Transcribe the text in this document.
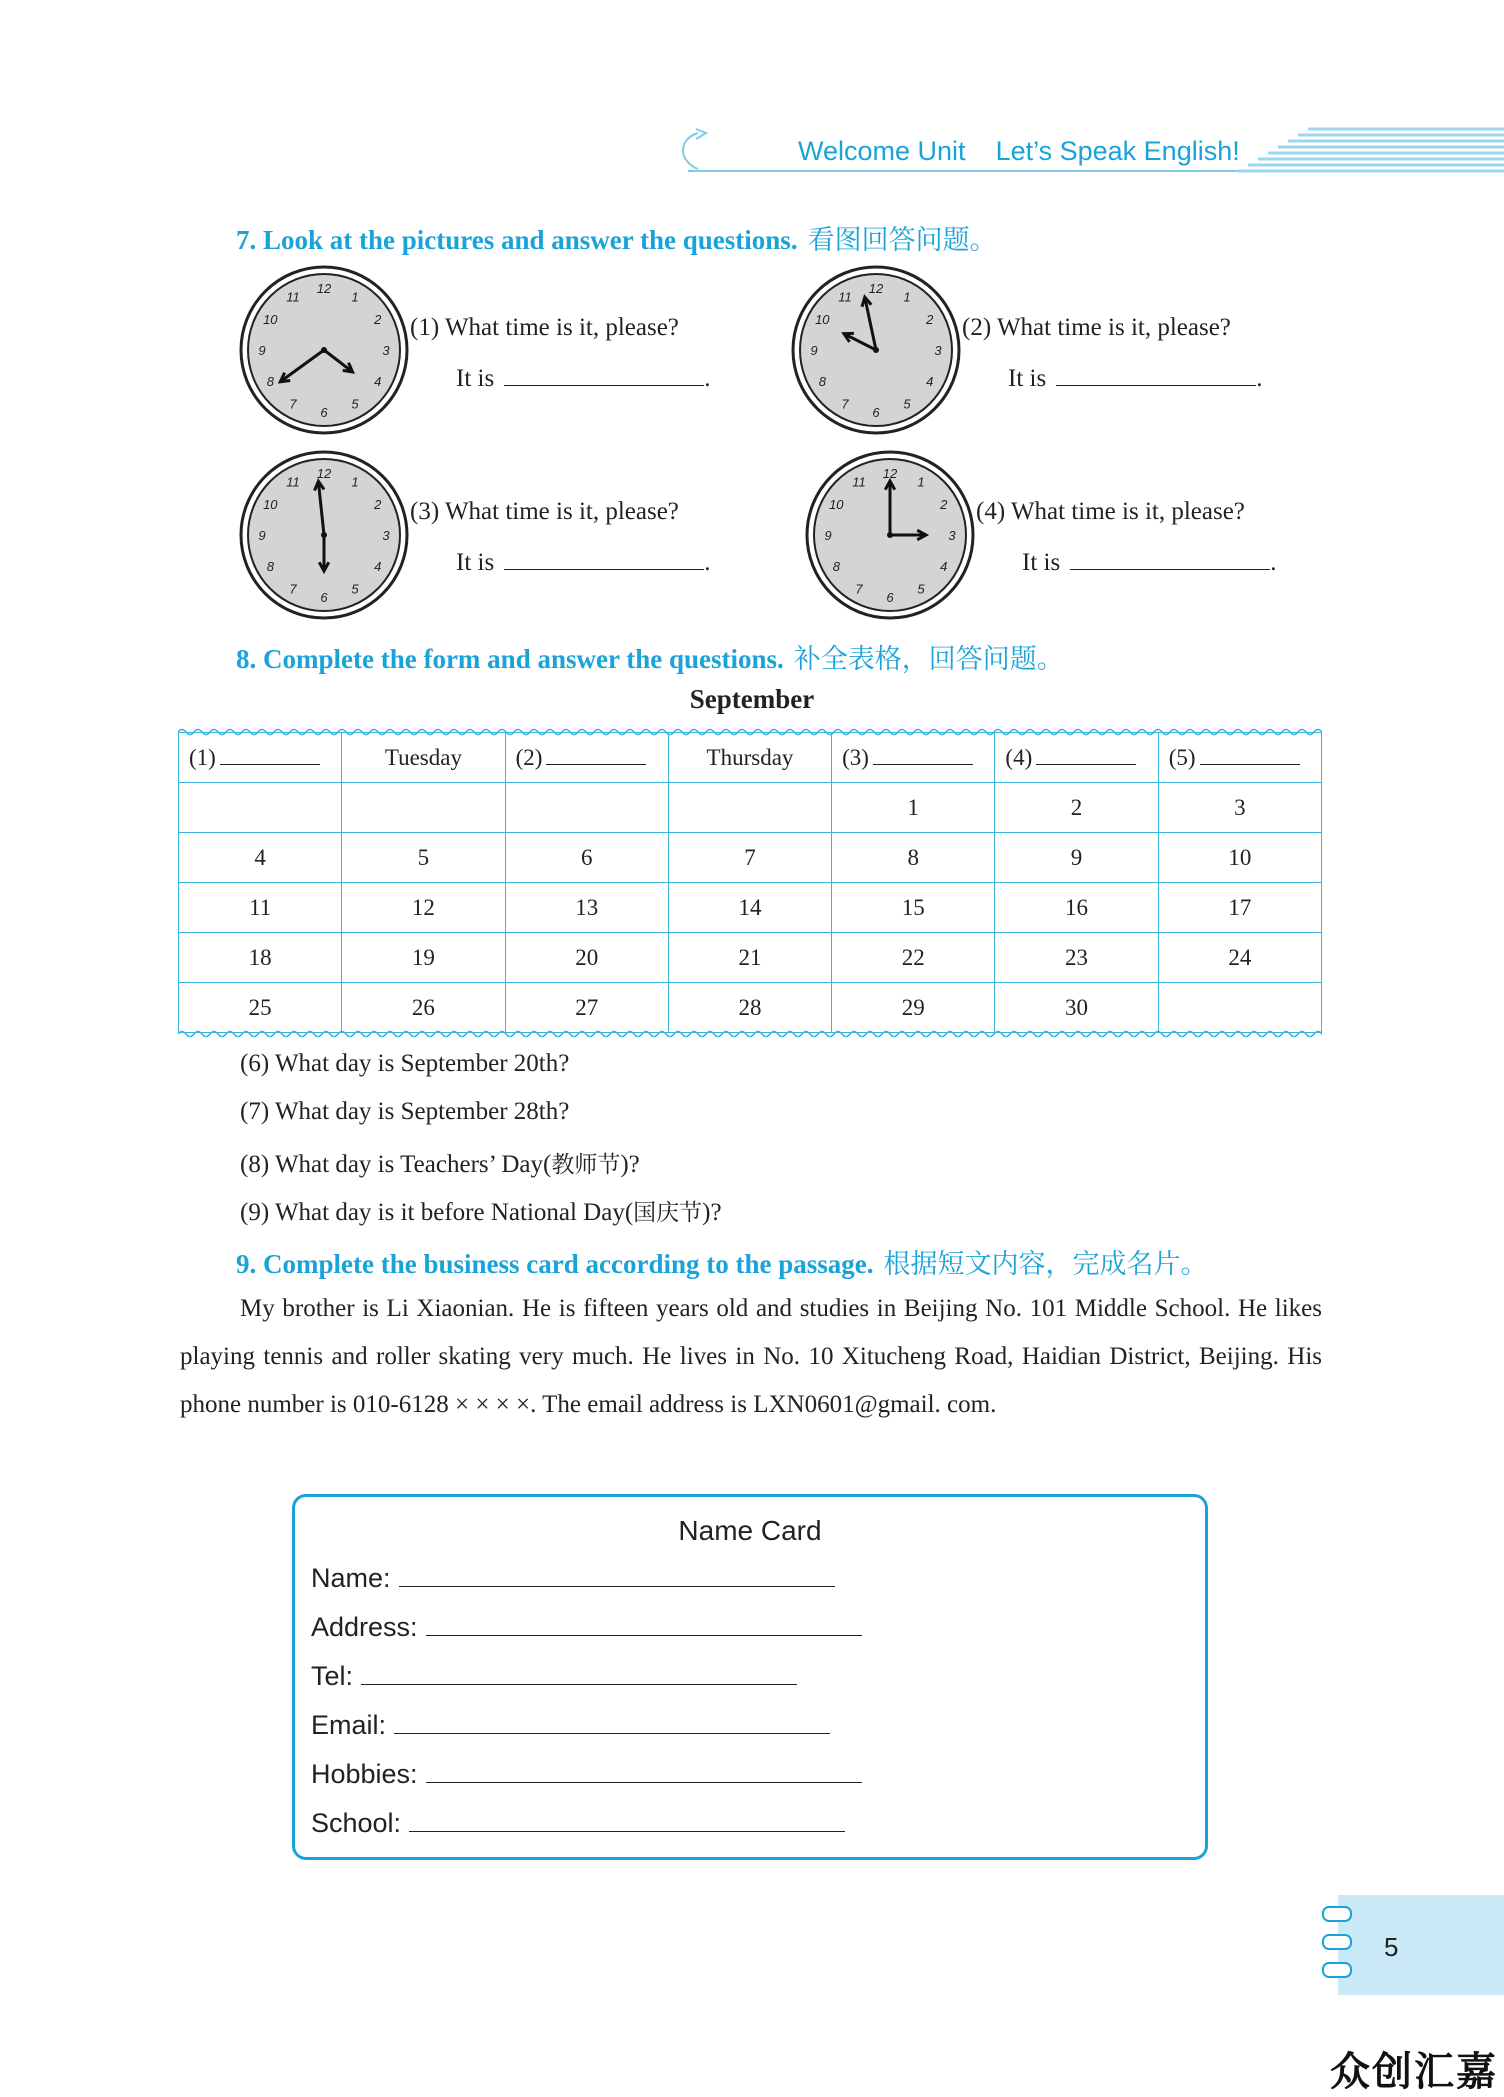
Welcome Unit Let’s Speak English!
7. Look at the pictures and answer the questions. 看图回答问题。
12
1
2
3
4
5
6
7
8
9
10
11
12
1
2
3
4
5
6
7
8
9
10
11
12
1
2
3
4
5
6
7
8
9
10
11
12
1
2
3
4
5
6
7
8
9
10
11
(1) What time is it, please?
It is	.
(2) What time is it, please?
It is	.
(3) What time is it, please?
It is	.
(4) What time is it, please?
It is	.
8. Complete the form and answer the questions. 补全表格，回答问题。
September
(1)	Tuesday	(2)	Thursday	(3)	(4)	(5)
				1	2	3
4	5	6	7	8	9	10
11	12	13	14	15	16	17
18	19	20	21	22	23	24
25	26	27	28	29	30	
(6) What day is September 20th?
(7) What day is September 28th?
(8) What day is Teachers’ Day(教师节)?
(9) What day is it before National Day(国庆节)?
9. Complete the business card according to the passage. 根据短文内容，完成名片。

My brother is Li Xiaonian. He is fifteen years old and studies in Beijing No. 101 Middle School. He likes playing tennis and roller skating very much. He lives in No. 10 Xitucheng Road, Haidian District, Beijing. His phone number is 010-6128 × × × ×. The email address is LXN0601@gmail. com.

Name Card
Name:
Address:
Tel:
Email:
Hobbies:
School:
5
众创汇嘉
